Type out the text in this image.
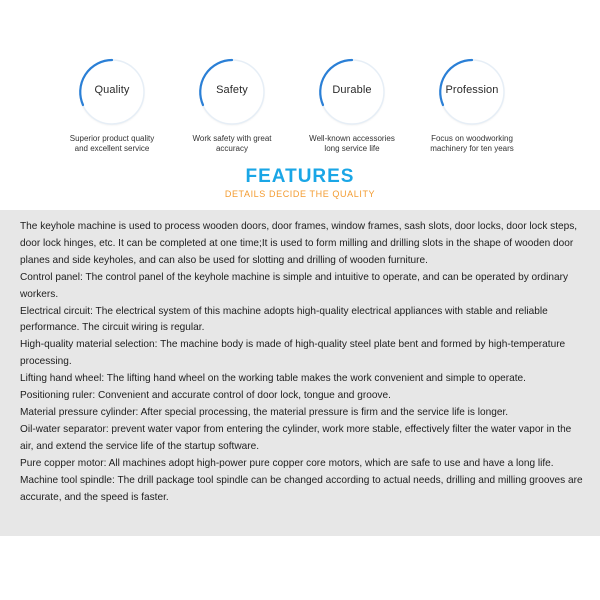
Quality
Superior product quality
and excellent service
Safety
Work safety with great
accuracy
Durable
Well-known accessories
long service life
Profession
Focus on woodworking
machinery for ten years
FEATURES
DETAILS DECIDE THE QUALITY

The keyhole machine is used to process wooden doors, door frames, window frames, sash slots, door locks, door lock steps, door lock hinges, etc. It can be completed at one time;It is used to form milling and drilling slots in the shape of wooden door planes and side keyholes, and can also be used for slotting and drilling of wooden furniture.

Control panel: The control panel of the keyhole machine is simple and intuitive to operate, and can be operated by ordinary workers.

Electrical circuit: The electrical system of this machine adopts high-quality electrical appliances with stable and reliable performance. The circuit wiring is regular.

High-quality material selection: The machine body is made of high-quality steel plate bent and formed by high-temperature processing.

Lifting hand wheel: The lifting hand wheel on the working table makes the work convenient and simple to operate.

Positioning ruler: Convenient and accurate control of door lock, tongue and groove.

Material pressure cylinder: After special processing, the material pressure is firm and the service life is longer.

Oil-water separator: prevent water vapor from entering the cylinder, work more stable, effectively filter the water vapor in the air, and extend the service life of the startup software.

Pure copper motor: All machines adopt high-power pure copper core motors, which are safe to use and have a long life.

Machine tool spindle: The drill package tool spindle can be changed according to actual needs, drilling and milling grooves are accurate, and the speed is faster.
